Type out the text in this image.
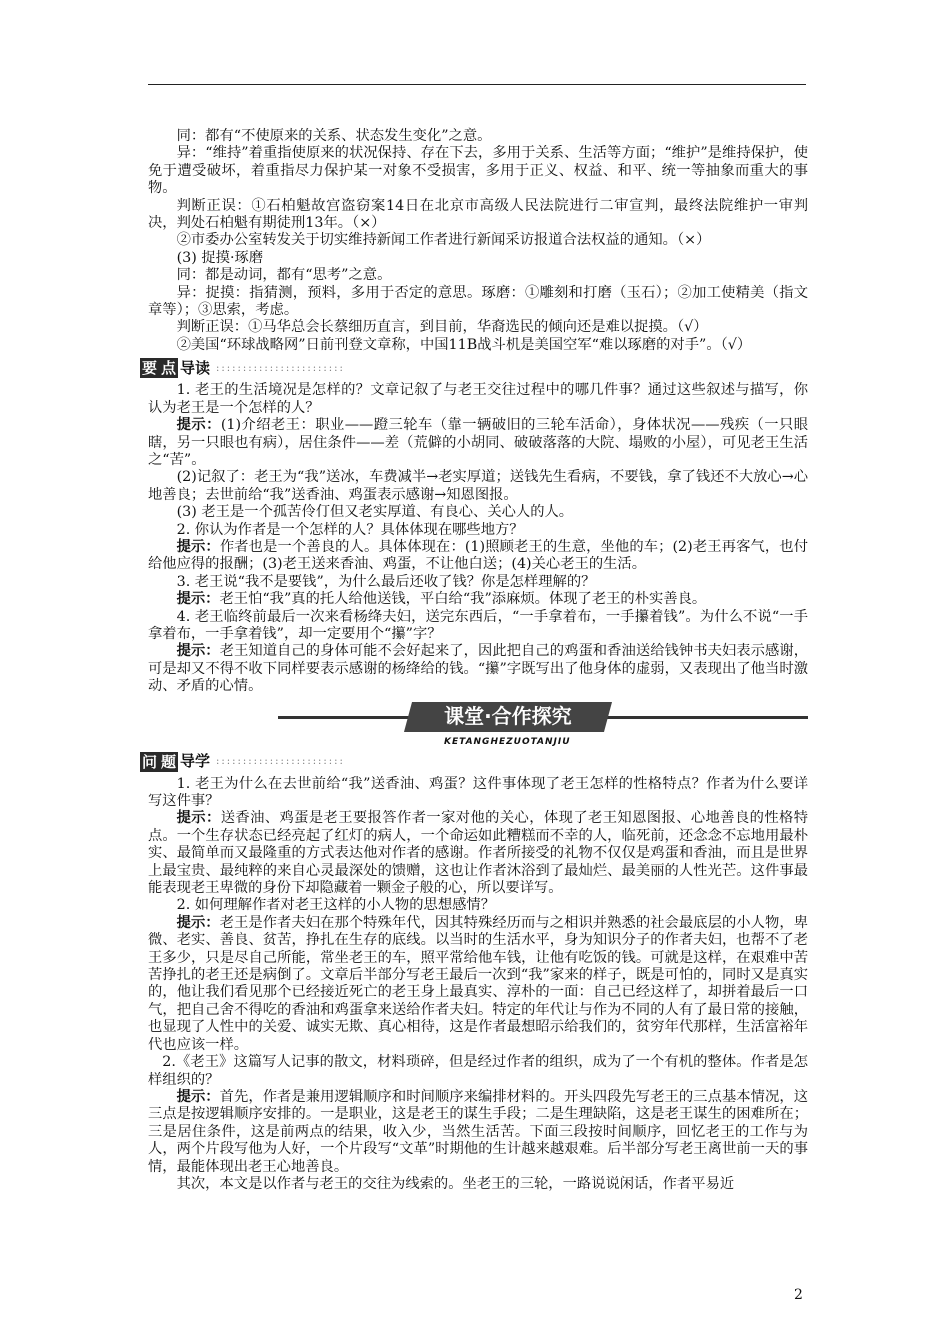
同：都有“不使原来的关系、状态发生变化”之意。

异：“维持”着重指使原来的状况保持、存在下去，多用于关系、生活等方面；“维护”是维持保护，使免于遭受破坏，着重指尽力保护某一对象不受损害，多用于正义、权益、和平、统一等抽象而重大的事物。

判断正误：①石柏魁故宫盗窃案14日在北京市高级人民法院进行二审宣判，最终法院维护一审判决，判处石柏魁有期徒刑13年。（×）

②市委办公室转发关于切实维持新闻工作者进行新闻采访报道合法权益的通知。（×）

(3) 捉摸·琢磨

同：都是动词，都有“思考”之意。

异：捉摸：指猜测，预料，多用于否定的意思。琢磨：①雕刻和打磨（玉石）；②加工使精美（指文章等）；③思索，考虑。

判断正误：①马华总会长蔡细历直言，到目前，华裔选民的倾向还是难以捉摸。（√）

②美国“环球战略网”日前刊登文章称，中国11B战斗机是美国空军“难以琢磨的对手”。（√）

要 点 导读 ::::::::::::::::::::::::

1. 老王的生活境况是怎样的？文章记叙了与老王交往过程中的哪几件事？通过这些叙述与描写，你认为老王是一个怎样的人？

提示：(1)介绍老王：职业——蹬三轮车（靠一辆破旧的三轮车活命），身体状况——残疾（一只眼瞎，另一只眼也有病），居住条件——差（荒僻的小胡同、破破落落的大院、塌败的小屋），可见老王生活之“苦”。

(2)记叙了：老王为“我”送冰，车费减半→老实厚道；送钱先生看病，不要钱，拿了钱还不大放心→心地善良；去世前给“我”送香油、鸡蛋表示感谢→知恩图报。

(3) 老王是一个孤苦伶仃但又老实厚道、有良心、关心人的人。

2. 你认为作者是一个怎样的人？具体体现在哪些地方？

提示：作者也是一个善良的人。具体体现在：(1)照顾老王的生意，坐他的车；(2)老王再客气，也付给他应得的报酬；(3)老王送来香油、鸡蛋，不让他白送；(4)关心老王的生活。

3. 老王说“我不是要钱”，为什么最后还收了钱？你是怎样理解的？

提示：老王怕“我”真的托人给他送钱，平白给“我”添麻烦。体现了老王的朴实善良。

4. 老王临终前最后一次来看杨绛夫妇，送完东西后，“一手拿着布，一手攥着钱”。为什么不说“一手拿着布，一手拿着钱”，却一定要用个“攥”字？

提示：老王知道自己的身体可能不会好起来了，因此把自己的鸡蛋和香油送给钱钟书夫妇表示感谢，可是却又不得不收下同样要表示感谢的杨绛给的钱。“攥”字既写出了他身体的虚弱，又表现出了他当时激动、矛盾的心情。

课堂·合作探究
KETANGHEZUOTANJIU
问 题 导学 ::::::::::::::::::::::::

1. 老王为什么在去世前给“我”送香油、鸡蛋？这件事体现了老王怎样的性格特点？作者为什么要详写这件事？

提示：送香油、鸡蛋是老王要报答作者一家对他的关心，体现了老王知恩图报、心地善良的性格特点。一个生存状态已经亮起了红灯的病人，一个命运如此糟糕而不幸的人，临死前，还念念不忘地用最朴实、最简单而又最隆重的方式表达他对作者的感谢。作者所接受的礼物不仅仅是鸡蛋和香油，而且是世界上最宝贵、最纯粹的来自心灵最深处的馈赠，这也让作者沐浴到了最灿烂、最美丽的人性光芒。这件事最能表现老王卑微的身份下却隐藏着一颗金子般的心，所以要详写。

2. 如何理解作者对老王这样的小人物的思想感情？

提示：老王是作者夫妇在那个特殊年代，因其特殊经历而与之相识并熟悉的社会最底层的小人物，卑微、老实、善良、贫苦，挣扎在生存的底线。以当时的生活水平，身为知识分子的作者夫妇，也帮不了老王多少，只是尽自己所能，常坐老王的车，照平常给他车钱，让他有吃饭的钱。可就是这样，在艰难中苦苦挣扎的老王还是病倒了。文章后半部分写老王最后一次到“我”家来的样子，既是可怕的，同时又是真实的，他让我们看见那个已经接近死亡的老王身上最真实、淳朴的一面：自己已经这样了，却拼着最后一口气，把自己舍不得吃的香油和鸡蛋拿来送给作者夫妇。特定的年代让与作为不同的人有了最日常的接触，也显现了人性中的关爱、诚实无欺、真心相待，这是作者最想昭示给我们的，贫穷年代那样，生活富裕年代也应该一样。

2.《老王》这篇写人记事的散文，材料琐碎，但是经过作者的组织，成为了一个有机的整体。作者是怎样组织的？

提示：首先，作者是兼用逻辑顺序和时间顺序来编排材料的。开头四段先写老王的三点基本情况，这三点是按逻辑顺序安排的。一是职业，这是老王的谋生手段；二是生理缺陷，这是老王谋生的困难所在；三是居住条件，这是前两点的结果，收入少，当然生活苦。下面三段按时间顺序，回忆老王的工作与为人，两个片段写他为人好，一个片段写“文革”时期他的生计越来越艰难。后半部分写老王离世前一天的事情，最能体现出老王心地善良。

其次，本文是以作者与老王的交往为线索的。坐老王的三轮，一路说说闲话，作者平易近

2
